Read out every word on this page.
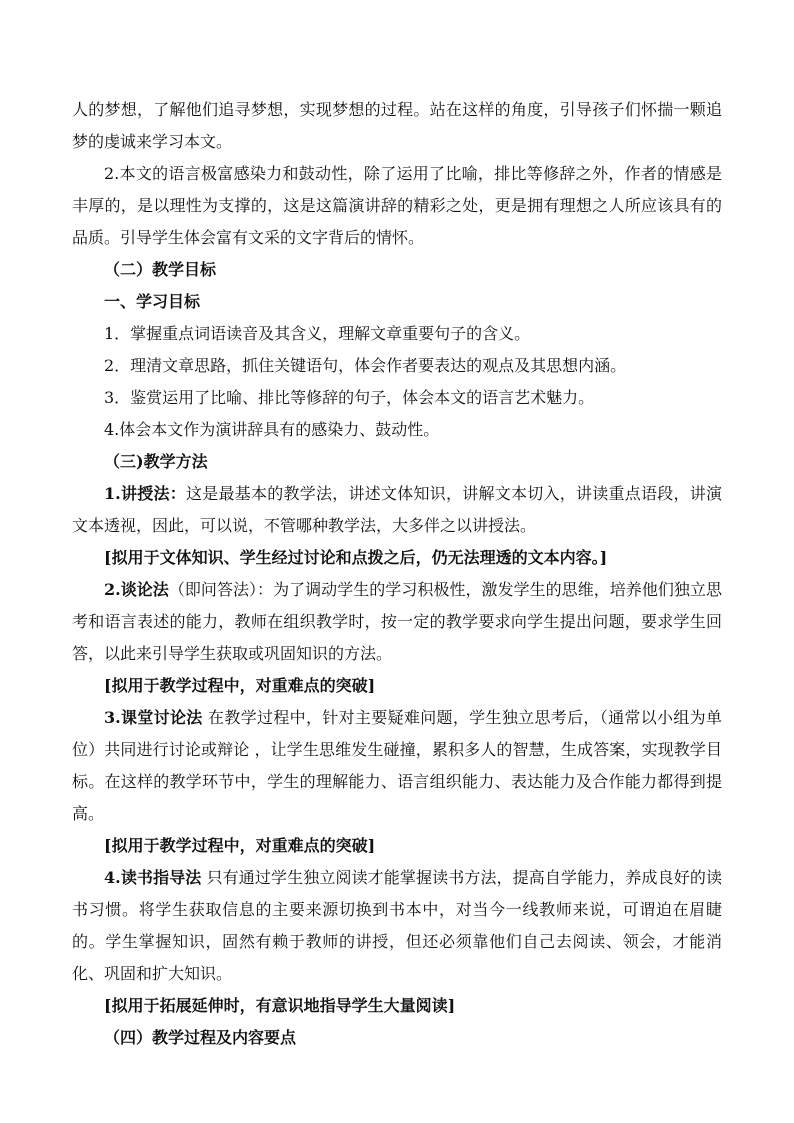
人的梦想，了解他们追寻梦想，实现梦想的过程。站在这样的角度，引导孩子们怀揣一颗追梦的虔诚来学习本文。

2.本文的语言极富感染力和鼓动性，除了运用了比喻，排比等修辞之外，作者的情感是丰厚的，是以理性为支撑的，这是这篇演讲辞的精彩之处，更是拥有理想之人所应该具有的品质。引导学生体会富有文采的文字背后的情怀。

（二）教学目标

一、学习目标

1．掌握重点词语读音及其含义，理解文章重要句子的含义。

2．理清文章思路，抓住关键语句，体会作者要表达的观点及其思想内涵。

3．鉴赏运用了比喻、排比等修辞的句子，体会本文的语言艺术魅力。

4.体会本文作为演讲辞具有的感染力、鼓动性。

（三)教学方法

1.讲授法：这是最基本的教学法，讲述文体知识，讲解文本切入，讲读重点语段，讲演文本透视，因此，可以说，不管哪种教学法，大多伴之以讲授法。

[拟用于文体知识、学生经过讨论和点拨之后，仍无法理透的文本内容。]

2.谈论法（即问答法）：为了调动学生的学习积极性，激发学生的思维，培养他们独立思考和语言表述的能力，教师在组织教学时，按一定的教学要求向学生提出问题，要求学生回答，以此来引导学生获取或巩固知识的方法。

[拟用于教学过程中，对重难点的突破]

3.课堂讨论法 在教学过程中，针对主要疑难问题，学生独立思考后，（通常以小组为单位）共同进行讨论或辩论 ，让学生思维发生碰撞，累积多人的智慧，生成答案，实现教学目标。在这样的教学环节中，学生的理解能力、语言组织能力、表达能力及合作能力都得到提高。

[拟用于教学过程中，对重难点的突破]

4.读书指导法 只有通过学生独立阅读才能掌握读书方法，提高自学能力，养成良好的读书习惯。将学生获取信息的主要来源切换到书本中，对当今一线教师来说，可谓迫在眉睫的。学生掌握知识，固然有赖于教师的讲授，但还必须靠他们自己去阅读、领会，才能消化、巩固和扩大知识。

[拟用于拓展延伸时，有意识地指导学生大量阅读]

（四）教学过程及内容要点
